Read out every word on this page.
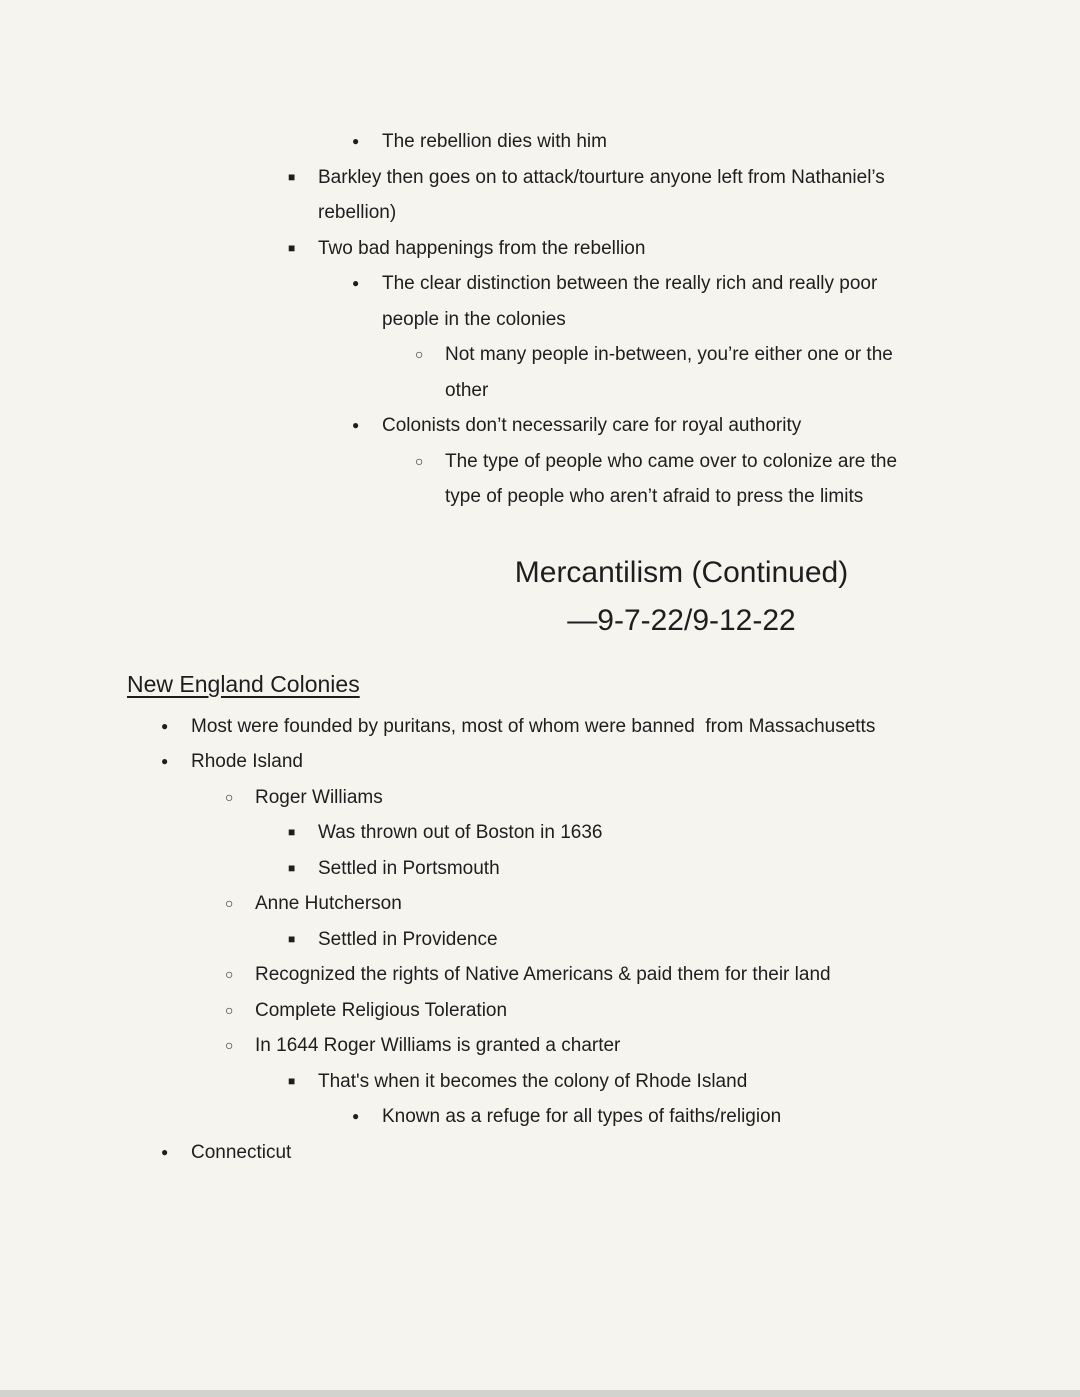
●	The rebellion dies with him
■	Barkley then goes on to attack/tourture anyone left from Nathaniel’s rebellion)
■	Two bad happenings from the rebellion
●	The clear distinction between the really rich and really poor people in the colonies
○	Not many people in-between, you’re either one or the other
●	Colonists don’t necessarily care for royal authority
○	The type of people who came over to colonize are the type of people who aren’t afraid to press the limits
Mercantilism (Continued)
—9-7-22/9-12-22
New England Colonies
●	Most were founded by puritans, most of whom were banned  from Massachusetts
●	Rhode Island
○	Roger Williams
■	Was thrown out of Boston in 1636
■	Settled in Portsmouth
○	Anne Hutcherson
■	Settled in Providence
○	Recognized the rights of Native Americans & paid them for their land
○	Complete Religious Toleration
○	In 1644 Roger Williams is granted a charter
■	That's when it becomes the colony of Rhode Island
●	Known as a refuge for all types of faiths/religion
●	Connecticut
